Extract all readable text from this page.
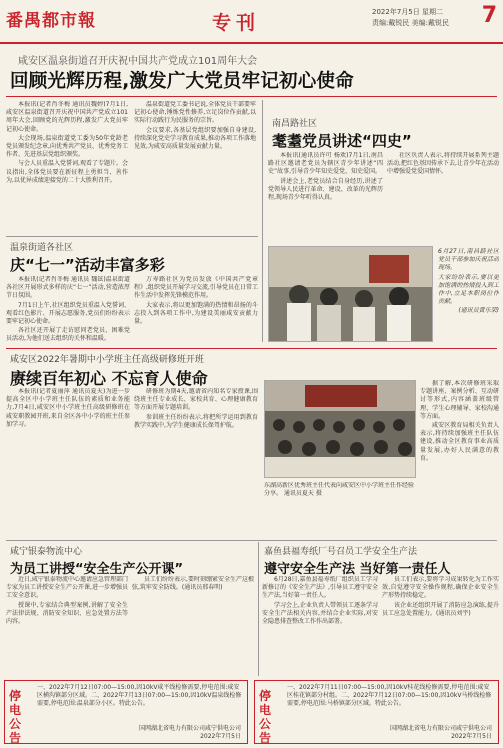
番禺都市報	专刊	2022年7月5日 星期二
责编:戴锐民 美编:戴锐民 7
咸安区温泉街道召开庆祝中国共产党成立101周年大会
回顾光辉历程,激发广大党员牢记初心使命

本报讯(记者肖冬梅 通讯员魏婷)7月1日,咸安区温泉街道召开庆祝中国共产党成立101周年大会,回顾党的光辉历程,激发广大党员牢记初心使命。

大会现场,温泉街道党工委为50年党龄老党员颁发纪念章,向优秀共产党员、优秀党务工作者、先进基层党组织颁奖。

与会人员重温入党誓词,观看了专题片。会议指出,全体党员要在新征程上勇担当、善作为,以优异成绩迎接党的二十大胜利召开。

温泉街道党工委书记说,全体党员干部要牢记初心使命,锤炼党性修养,立足岗位作贡献,以实际行动践行为民服务的宗旨。

会议要求,各基层党组织要加强自身建设,持续深化党史学习教育成果,推动各项工作落地见效,为咸安高质量发展贡献力量。

南昌路社区
耄耋党员讲述“四史”

本报讯(通讯员许可 杨欢)7月1日,南昌路社区邀请老党员为辖区青少年讲述“四史”故事,引导青少年知史爱党、知史爱国。

讲述会上,老党员结合自身经历,讲述了党领导人民进行革命、建设、改革的光辉历程,现场青少年听得认真。

社区负责人表示,将持续开展系列主题活动,把红色基因传承下去,让青少年在活动中增强爱党爱国情怀。

6月27日,南昌路社区党员干部参加庆祝活动现场。

大家纷纷表示,要以更加饱满的热情投入到工作中,立足本职岗位作贡献。

(通讯员黄乐荣)

温泉街道各社区
庆“七一”活动丰富多彩

本报讯(记者肖冬梅 通讯员 魏铉)温泉街道各社区开展形式多样的庆“七一”活动,营造浓厚节日氛围。

7月1日上午,社区组织党员重温入党誓词、观看红色影片、开展志愿服务,党员们纷纷表示要牢记初心使命。

各社区还开展了走访慰问老党员、困难党员活动,为他们送去组织的关怀和温暖。

万寿路社区为党员发放《中国共产党章程》,组织党员开展学习交流,引导党员在日常工作生活中发挥先锋模范作用。

大家表示,将以更加饱满的热情和昂扬的斗志投入到各项工作中,为建设美丽咸安贡献力量。

咸安区2022年暑期中小学班主任高级研修班开班
赓续百年初心 不忘育人使命

本报讯(记者夏丽萍 通讯员夏天)为进一步提高全区中小学班主任队伍的素质和业务能力,7月4日,咸安区中小学班主任高级研修班在咸安职教园开班,来自全区各中小学的班主任参加学习。

研修班为期4天,邀请省内知名专家授课,围绕班主任专业成长、家校共育、心理健康教育等方面开展专题培训。

参训班主任纷纷表示,将把所学运用到教育教学实践中,为学生健康成长保驾护航。

东湖高新区优秀班主任代表向咸安区中小学班主任作经验分享。 通讯员夏天 摄

据了解,本次研修班采取专题讲座、案例分析、互动研讨等形式,内容涵盖班级管理、学生心理辅导、家校沟通等方面。

咸安区教育局相关负责人表示,将持续加强班主任队伍建设,推动全区教育事业高质量发展,办好人民满意的教育。

咸宁银泰物流中心
为员工讲授“安全生产公开课”

近日,咸宁银泰物流中心邀请应急管理部门专家为员工讲授安全生产公开课,进一步增强员工安全意识。

授课中,专家结合典型案例,讲解了安全生产法律法规、消防安全知识、应急处置方法等内容。

员工们纷纷表示,要时刻绷紧安全生产这根弦,筑牢安全防线。(通讯员邢春明)

嘉鱼县福寿纸厂号召员工学安全生产法
遵守安全生产法 当好第一责任人

6月28日,嘉鱼县福寿纸厂组织员工学习新修订的《安全生产法》,引导员工遵守安全生产法,当好第一责任人。

学习会上,企业负责人带领员工逐条学习安全生产法相关内容,并结合企业实际,对安全隐患排查整改工作作出部署。

员工们表示,要将学习成果转化为工作实效,自觉遵守安全操作规程,确保企业安全生产形势持续稳定。

该企业还组织开展了消防应急演练,提升员工应急处置能力。(通讯员刘宇)

停电公告
一、2022年7月12日07:00—15:00,因10kV咸平线检修需要,停电范围:咸安区横沟镇部分区域。二、2022年7月13日07:00—15:00,因10kV温泉线检修需要,停电范围:温泉部分小区。特此公告。
国网湖北省电力有限公司咸宁供电公司
2022年7月5日
停电公告
一、2022年7月11日07:00—15:00,因10kV桂花线检修需要,停电范围:咸安区桂花镇部分村组。二、2022年7月12日07:00—15:00,因10kV马桥线检修需要,停电范围:马桥镇部分区域。特此公告。
国网湖北省电力有限公司咸宁供电公司
2022年7月5日
